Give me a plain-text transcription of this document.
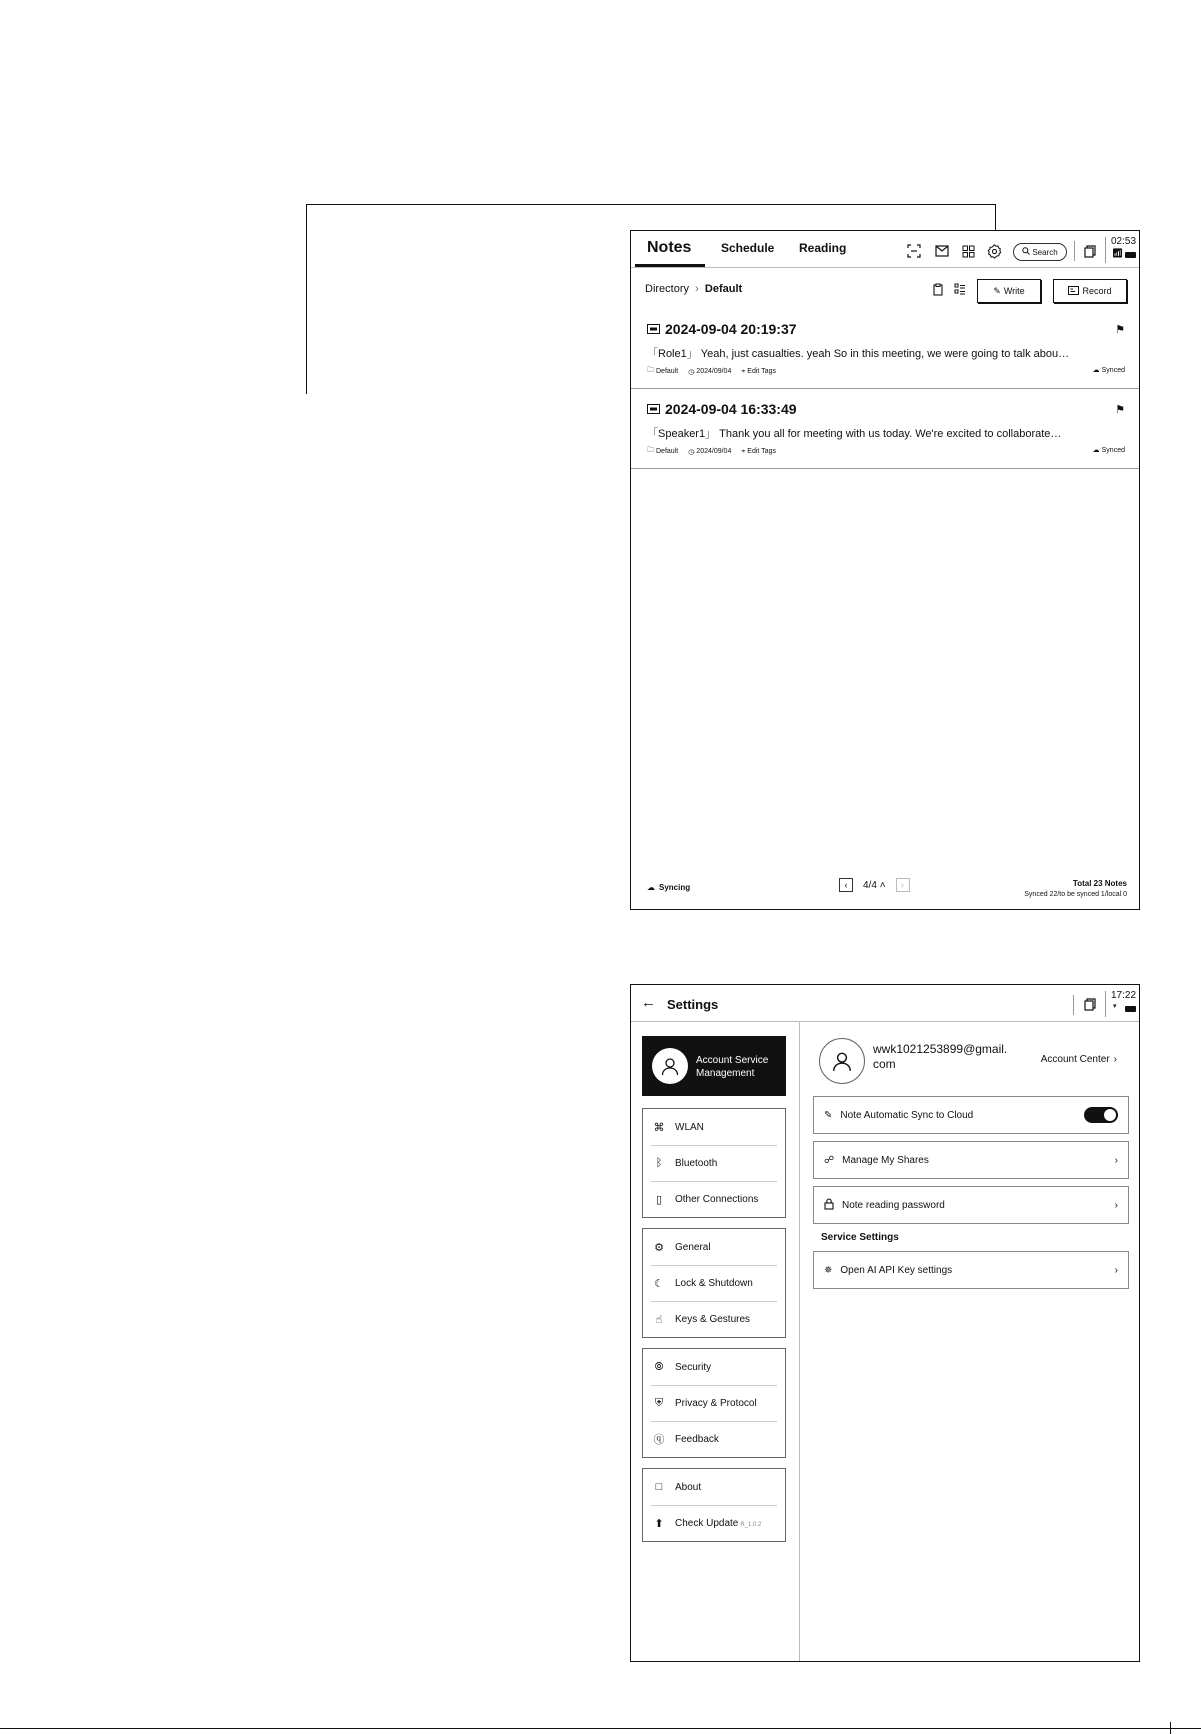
Notes Schedule Reading	Search
02:53
📶︎
Directory  ›  Default	✎︎ Write	Record
2024-09-04 20:19:37	⚑︎
「Role1」 Yeah, just casualties. yeah So in this meeting, we were going to talk abou…
🗀︎ Default ◷ 2024/09/04 ⌖ Edit Tags	☁︎ Synced
2024-09-04 16:33:49	⚑︎
「Speaker1」 Thank you all for meeting with us today. We're excited to collaborate…
🗀︎ Default ◷ 2024/09/04 ⌖ Edit Tags	☁︎ Synced
☁︎ Syncing	‹	4/4 ˄	›	Total 23 Notes
Synced 22/to be synced 1/local 0
← Settings
17:22
▾
Account Service Management
⌘ WLAN
ᛒ Bluetooth
▯ Other Connections
⚙︎ General
☾ Lock & Shutdown
☝︎ Keys & Gestures
⦾ Security
⛨ Privacy & Protocol
ⓠ Feedback
□ About
⬆︎ Check Update R_1.0.2
wwk1021253899@gmail.com	Account Center ›
✎︎ Note Automatic Sync to Cloud
☍ Manage My Shares	›
Note reading password	›
Service Settings
✵ Open AI API Key settings	›
